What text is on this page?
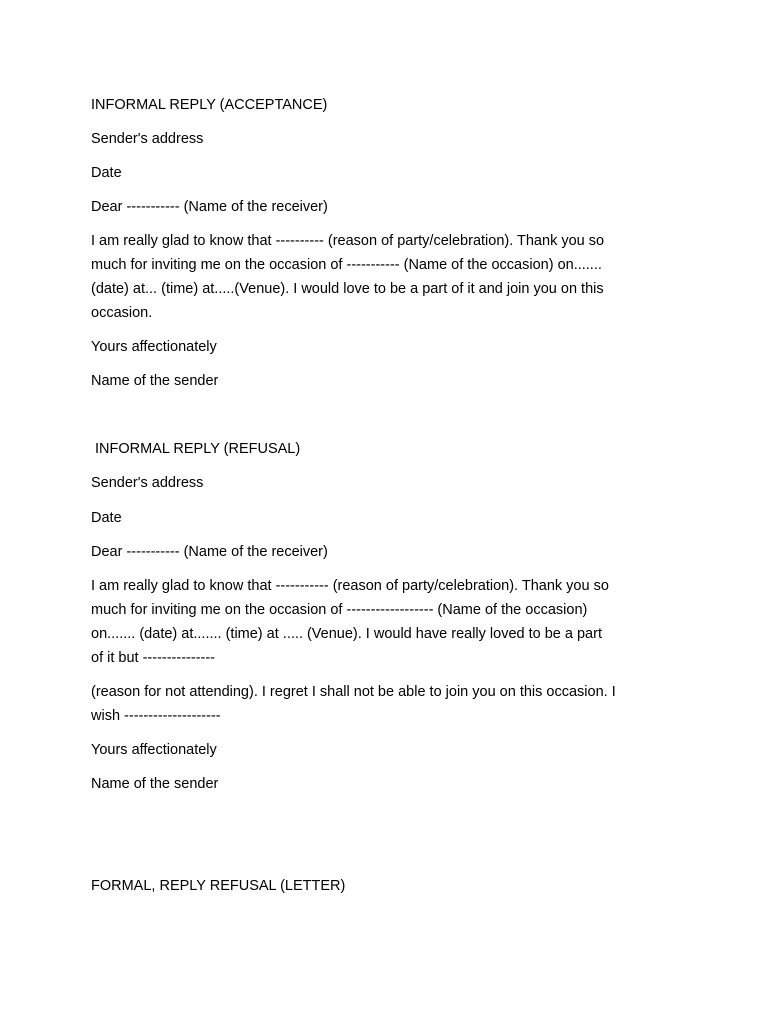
INFORMAL REPLY (ACCEPTANCE)

Sender's address

Date

Dear ----------- (Name of the receiver)

I am really glad to know that ---------- (reason of party/celebration). Thank you so
much for inviting me on the occasion of ----------- (Name of the occasion) on.......
(date) at... (time) at.....(Venue). I would love to be a part of it and join you on this
occasion.

Yours affectionately

Name of the sender

INFORMAL REPLY (REFUSAL)

Sender's address

Date

Dear ----------- (Name of the receiver)

I am really glad to know that ----------- (reason of party/celebration). Thank you so
much for inviting me on the occasion of ------------------ (Name of the occasion)
on....... (date) at....... (time) at ..... (Venue). I would have really loved to be a part
of it but ---------------
(reason for not attending). I regret I shall not be able to join you on this occasion. I
wish --------------------

Yours affectionately

Name of the sender

FORMAL, REPLY REFUSAL (LETTER)
